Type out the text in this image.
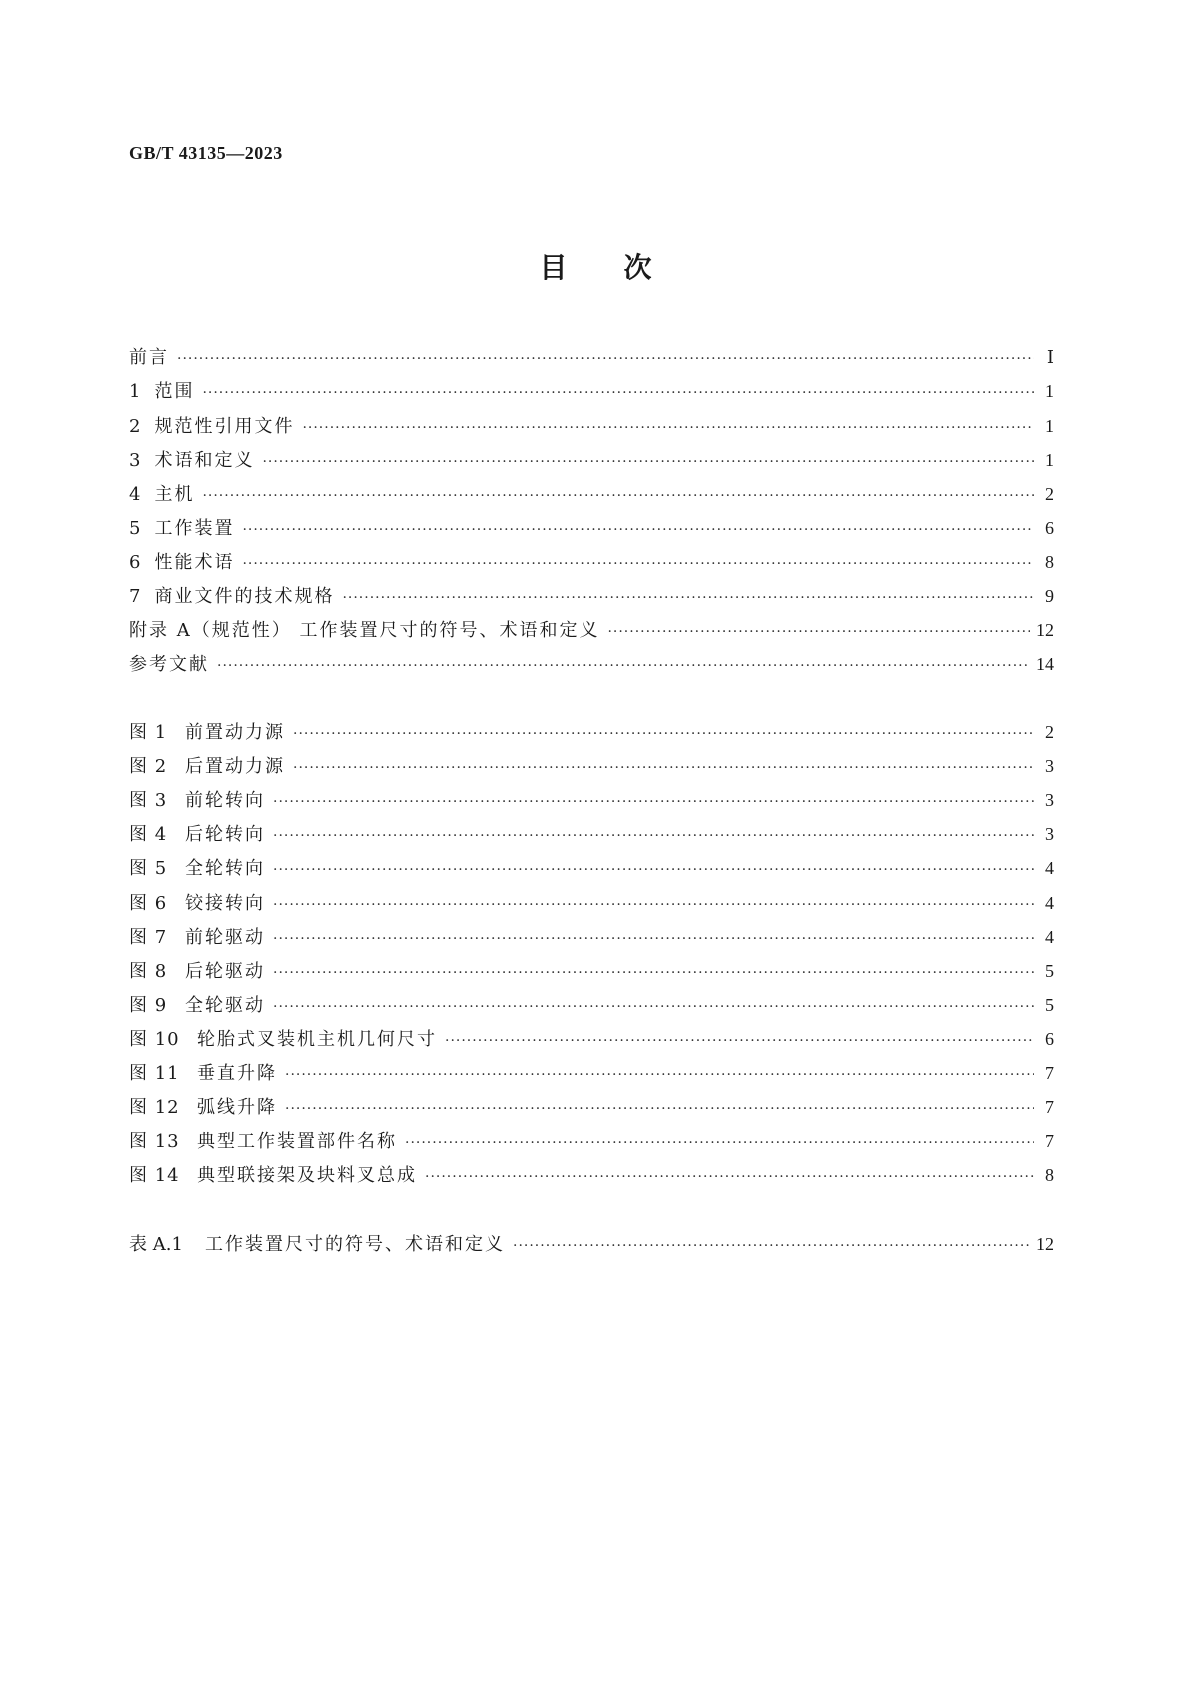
GB/T 43135—2023
目 次
前言 ·····	Ⅰ
1 范围 ·····	1
2 规范性引用文件 ·····	1
3 术语和定义 ·····	1
4 主机 ·····	2
5 工作装置 ·····	6
6 性能术语 ·····	8
7 商业文件的技术规格 ·····	9
附录 A（规范性） 工作装置尺寸的符号、术语和定义 ·····	12
参考文献 ·····	14
图 1 前置动力源 ·····	2
图 2 后置动力源 ·····	3
图 3 前轮转向 ·····	3
图 4 后轮转向 ·····	3
图 5 全轮转向 ·····	4
图 6 铰接转向 ·····	4
图 7 前轮驱动 ·····	4
图 8 后轮驱动 ·····	5
图 9 全轮驱动 ·····	5
图 10 轮胎式叉装机主机几何尺寸 ·····	6
图 11 垂直升降 ·····	7
图 12 弧线升降 ·····	7
图 13 典型工作装置部件名称 ·····	7
图 14 典型联接架及块料叉总成 ·····	8
表 A.1	工作装置尺寸的符号、术语和定义 ·····	12
